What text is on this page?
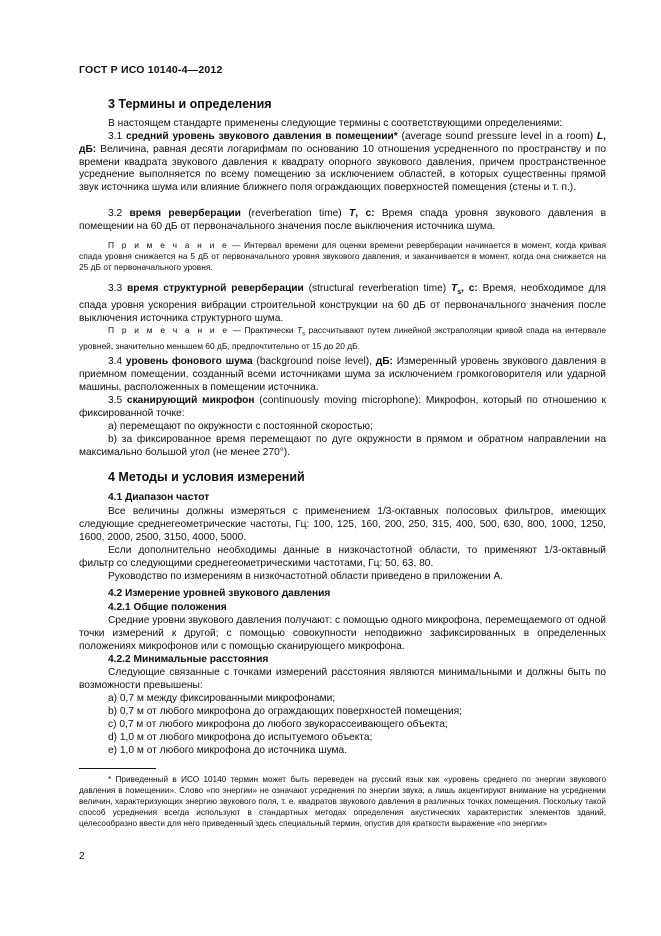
ГОСТ Р ИСО 10140-4—2012
3 Термины и определения

В настоящем стандарте применены следующие термины с соответствующими определениями:

3.1 средний уровень звукового давления в помещении* (average sound pressure level in a room) L, дБ: Величина, равная десяти логарифмам по основанию 10 отношения усредненного по пространству и по времени квадрата звукового давления к квадрату опорного звукового давления, причем пространственное усреднение выполняется по всему помещению за исключением областей, в которых существенны прямой звук источника шума или влияние ближнего поля ограждающих поверхностей помещения (стены и т. п.).

3.2 время реверберации (reverberation time) T, с: Время спада уровня звукового давления в помещении на 60 дБ от первоначального значения после выключения источника шума.

П р и м е ч а н и е — Интервал времени для оценки времени реверберации начинается в момент, когда кривая спада уровня снижается на 5 дБ от первоначального уровня звукового давления, и заканчивается в момент, когда она снижается на 25 дБ от первоначального уровня.

3.3 время структурной реверберации (structural reverberation time) $T_s$, с: Время, необходимое для спада уровня ускорения вибрации строительной конструкции на 60 дБ от первоначального значения после выключения источника структурного шума.

П р и м е ч а н и е — Практически $T_s$ рассчитывают путем линейной экстраполяции кривой спада на интервале уровней, значительно меньшем 60 дБ, предпочтительно от 15 до 20 дБ.

3.4 уровень фонового шума (background noise level), дБ: Измеренный уровень звукового давления в приемном помещении, созданный всеми источниками шума за исключением громкоговорителя или ударной машины, расположенных в помещении источника.

3.5 сканирующий микрофон (continuously moving microphone): Микрофон, который по отношению к фиксированной точке:

а) перемещают по окружности с постоянной скоростью;

b) за фиксированное время перемещают по дуге окружности в прямом и обратном направлении на максимально большой угол (не менее 270°).

4 Методы и условия измерений
4.1 Диапазон частот

Все величины должны измеряться с применением 1/3-октавных полосовых фильтров, имеющих следующие среднегеометрические частоты, Гц: 100, 125, 160, 200, 250, 315, 400, 500, 630, 800, 1000, 1250, 1600, 2000, 2500, 3150, 4000, 5000.

Если дополнительно необходимы данные в низкочастотной области, то применяют 1/3-октавный фильтр со следующими среднегеометрическими частотами, Гц: 50, 63, 80.

Руководство по измерениям в низкочастотной области приведено в приложении А.

4.2 Измерение уровней звукового давления
4.2.1 Общие положения

Средние уровни звукового давления получают: с помощью одного микрофона, перемещаемого от одной точки измерений к другой; с помощью совокупности неподвижно зафиксированных в определенных положениях микрофонов или с помощью сканирующего микрофона.

4.2.2 Минимальные расстояния

Следующие связанные с точками измерений расстояния являются минимальными и должны быть по возможности превышены:

а) 0,7 м между фиксированными микрофонами;

b) 0,7 м от любого микрофона до ограждающих поверхностей помещения;

c) 0,7 м от любого микрофона до любого звукорассеивающего объекта;

d) 1,0 м от любого микрофона до испытуемого объекта;

e) 1,0 м от любого микрофона до источника шума.

* Приведенный в ИСО 10140 термин может быть переведен на русский язык как «уровень среднего по энергии звукового давления в помещении». Слово «по энергии» не означают усреднения по энергии звука, а лишь акцентируют внимание на усреднении величин, характеризующих энергию звукового поля, т. е. квадратов звукового давления в различных точках помещения. Поскольку такой способ усреднения всегда используют в стандартных методах определения акустических характеристик элементов зданий, целесообразно ввести для него приведенный здесь специальный термин, опустив для краткости выражение «по энергии»

2
